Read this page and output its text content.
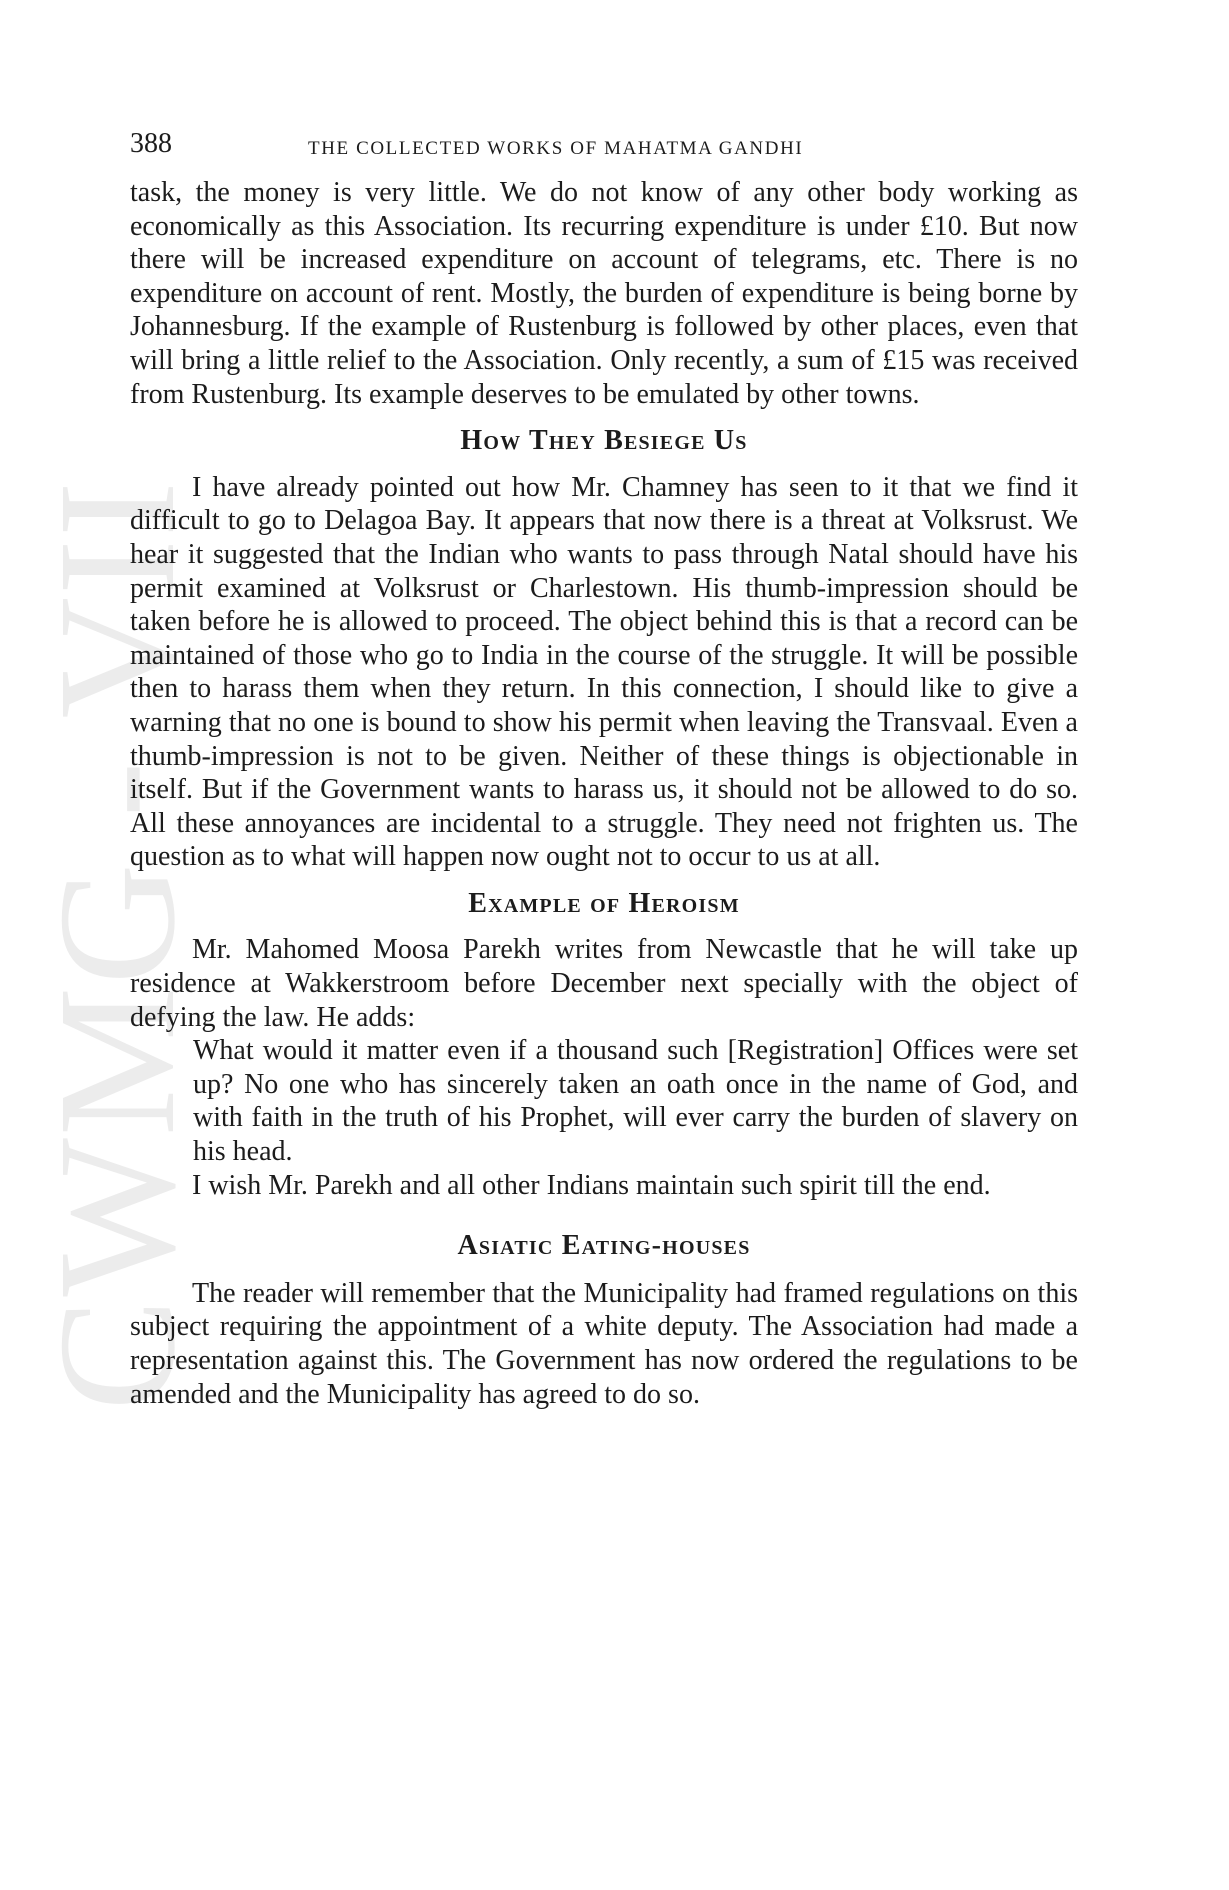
CWMG - VII
388	THE COLLECTED WORKS OF MAHATMA GANDHI

task, the money is very little. We do not know of any other body working as economically as this Association. Its recurring expenditure is under £10. But now there will be increased expenditure on account of telegrams, etc. There is no expenditure on account of rent. Mostly, the burden of expenditure is being borne by Johannesburg. If the example of Rustenburg is followed by other places, even that will bring a little relief to the Association. Only recently, a sum of £15 was received from Rustenburg. Its example deserves to be emulated by other towns.

How They Besiege Us

I have already pointed out how Mr. Chamney has seen to it that we find it difficult to go to Delagoa Bay. It appears that now there is a threat at Volksrust. We hear it suggested that the Indian who wants to pass through Natal should have his permit examined at Volksrust or Charlestown. His thumb-impression should be taken before he is allowed to proceed. The object behind this is that a record can be maintained of those who go to India in the course of the struggle. It will be possible then to harass them when they return. In this connection, I should like to give a warning that no one is bound to show his permit when leaving the Transvaal. Even a thumb-impression is not to be given. Neither of these things is objectionable in itself. But if the Government wants to harass us, it should not be allowed to do so. All these annoyances are incidental to a struggle. They need not frighten us. The question as to what will happen now ought not to occur to us at all.

Example of Heroism

Mr. Mahomed Moosa Parekh writes from Newcastle that he will take up residence at Wakkerstroom before December next specially with the object of defying the law. He adds:

What would it matter even if a thousand such [Registration] Offices were set up? No one who has sincerely taken an oath once in the name of God, and with faith in the truth of his Prophet, will ever carry the burden of slavery on his head.

I wish Mr. Parekh and all other Indians maintain such spirit till the end.

Asiatic Eating-houses

The reader will remember that the Municipality had framed regulations on this subject requiring the appointment of a white deputy. The Association had made a representation against this. The Government has now ordered the regulations to be amended and the Municipality has agreed to do so.
